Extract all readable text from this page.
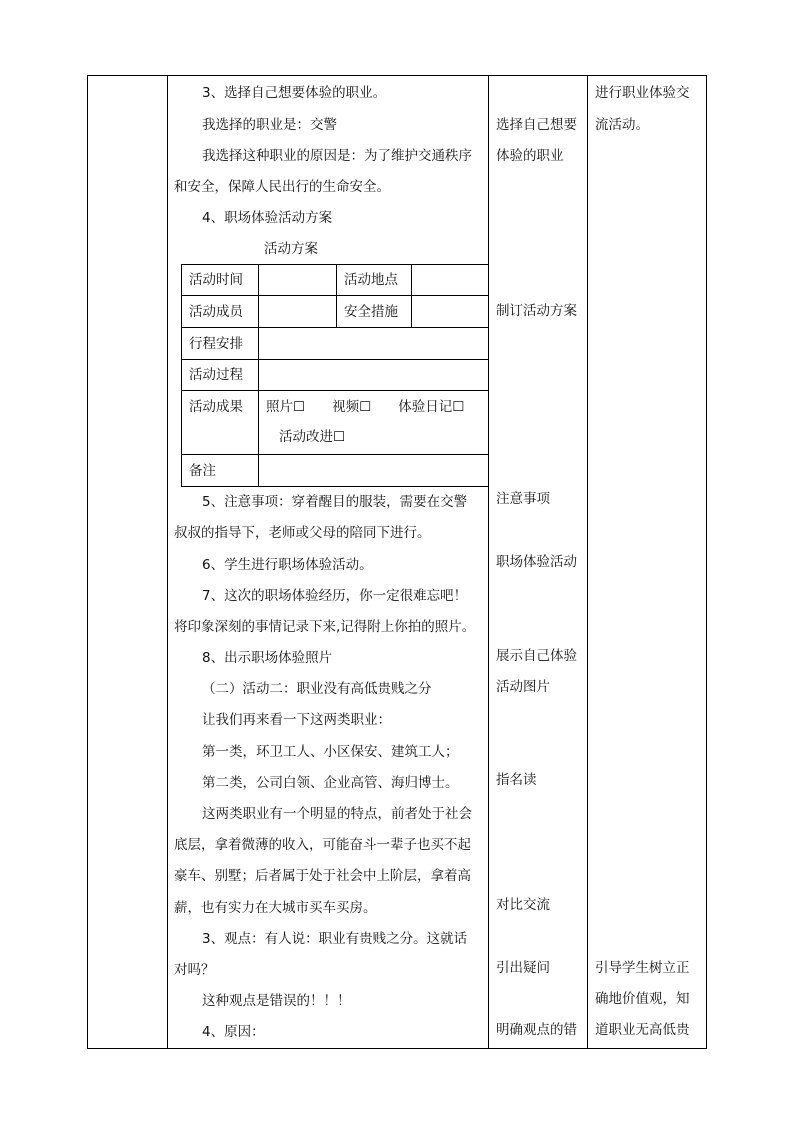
3、选择自己想要体验的职业。
我选择的职业是：交警
我选择这种职业的原因是：为了维护交通秩序
和安全，保障人民出行的生命安全。
4、职场体验活动方案
活动方案
活动时间		活动地点	
活动成员		安全措施	
行程安排			
活动过程			
活动成果	照片☐　　视频☐　　体验日记☐
活动改进☐		

备注			
5、注意事项：穿着醒目的服装，需要在交警
叔叔的指导下，老师或父母的陪同下进行。
6、学生进行职场体验活动。
7、这次的职场体验经历，你一定很难忘吧！
将印象深刻的事情记录下来,记得附上你拍的照片。
8、出示职场体验照片
（二）活动二：职业没有高低贵贱之分
让我们再来看一下这两类职业：
第一类，环卫工人、小区保安、建筑工人；
第二类，公司白领、企业高管、海归博士。
这两类职业有一个明显的特点，前者处于社会
底层，拿着微薄的收入，可能奋斗一辈子也买不起
豪车、别墅；后者属于处于社会中上阶层，拿着高
薪，也有实力在大城市买车买房。
3、观点：有人说：职业有贵贱之分。这就话
对吗？
这种观点是错误的！！！
4、原因：
选择自己想要
体验的职业
制订活动方案
注意事项
职场体验活动
展示自己体验
活动图片
指名读
对比交流
引出疑问
明确观点的错
进行职业体验交
流活动。
引导学生树立正
确地价值观，知
道职业无高低贵
